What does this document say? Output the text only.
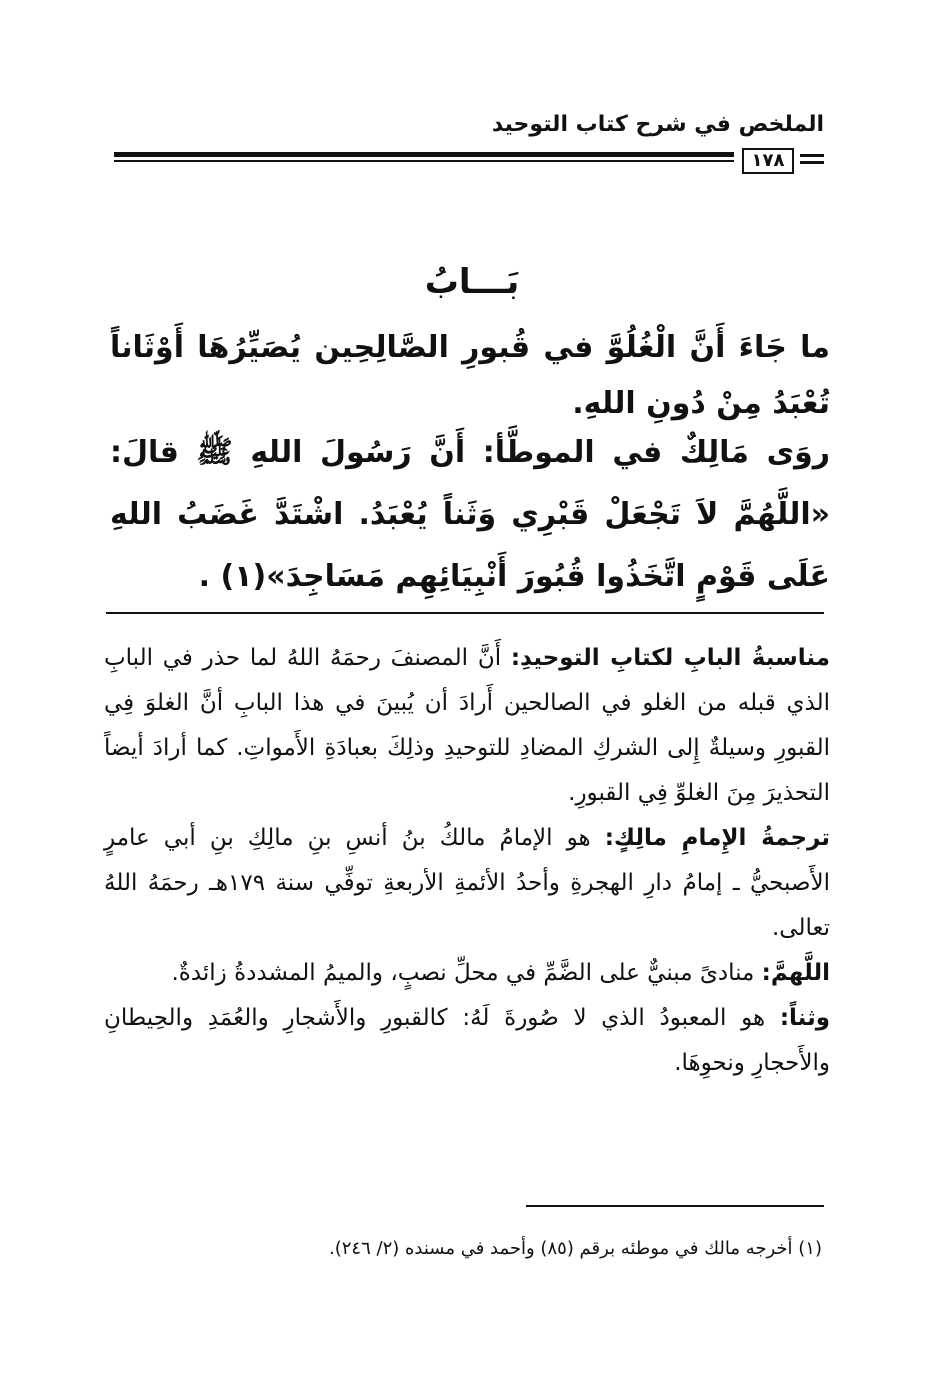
الملخص في شرح كتاب التوحيد
١٧٨
بَـــابُ
ما جَاءَ أَنَّ الْغُلُوَّ في قُبورِ الصَّالِحِين يُصَيِّرُهَا أَوْثَاناً تُعْبَدُ مِنْ دُونِ اللهِ.
روَى مَالِكٌ في الموطَّأ: أَنَّ رَسُولَ اللهِ ﷺ قالَ: «اللَّهُمَّ لاَ تَجْعَلْ قَبْرِي وَثَناً يُعْبَدُ. اشْتَدَّ غَضَبُ اللهِ عَلَى قَوْمٍ اتَّخَذُوا قُبُورَ أَنْبِيَائِهِم مَسَاجِدَ»(١) .

مناسبةُ البابِ لكتابِ التوحيدِ: أَنَّ المصنفَ رحمَهُ اللهُ لما حذر في البابِ الذي قبله من الغلو في الصالحين أَرادَ أن يُبينَ في هذا البابِ أنَّ الغلوَ فِي القبورِ وسيلةٌ إِلى الشركِ المضادِ للتوحيدِ وذلِكَ بعبادَةِ الأَمواتِ. كما أرادَ أيضاً التحذيرَ مِنَ الغلوِّ فِي القبورِ.

ترجمةُ الإِمامِ مالِكٍ: هو الإمامُ مالكُ بنُ أنسِ بنِ مالِكِ بنِ أبي عامرٍ الأَصبحيُّ ـ إمامُ دارِ الهجرةِ وأحدُ الأئمةِ الأربعةِ توفِّي سنة ١٧٩هـ رحمَهُ اللهُ تعالى.

اللَّهمَّ: منادىً مبنيٌّ على الضَّمِّ في محلِّ نصبٍ، والميمُ المشددةُ زائدةٌ.

وثناً: هو المعبودُ الذي لا صُورةَ لَهُ: كالقبورِ والأَشجارِ والعُمَدِ والحِيطانِ والأَحجارِ ونحوِهَا.

(١) أخرجه مالك في موطئه برقم (٨٥) وأحمد في مسنده (٢/ ٢٤٦).
